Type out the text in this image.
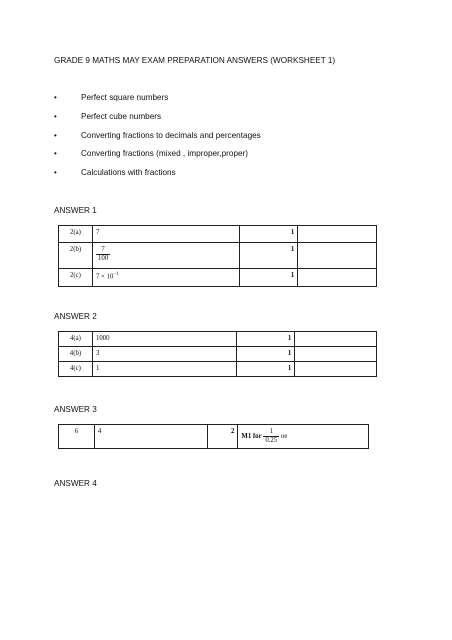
GRADE 9 MATHS MAY EXAM PREPARATION ANSWERS (WORKSHEET 1)
•	Perfect square numbers
•	Perfect cube numbers
•	Converting fractions to decimals and percentages
•	Converting fractions (mixed , improper,proper)
•	Calculations with fractions
ANSWER 1
2(a)	7	1	
2(b)	$\frac{7}{100}$	1	
2(c)	$7 \times 10^{-1}$	1	
ANSWER 2
4(a)	1000	1	
4(b)	3	1	
4(c)	1	1	
ANSWER 3
6	4	2	M1 for $\frac{1}{0.25}$ oe
ANSWER 4
